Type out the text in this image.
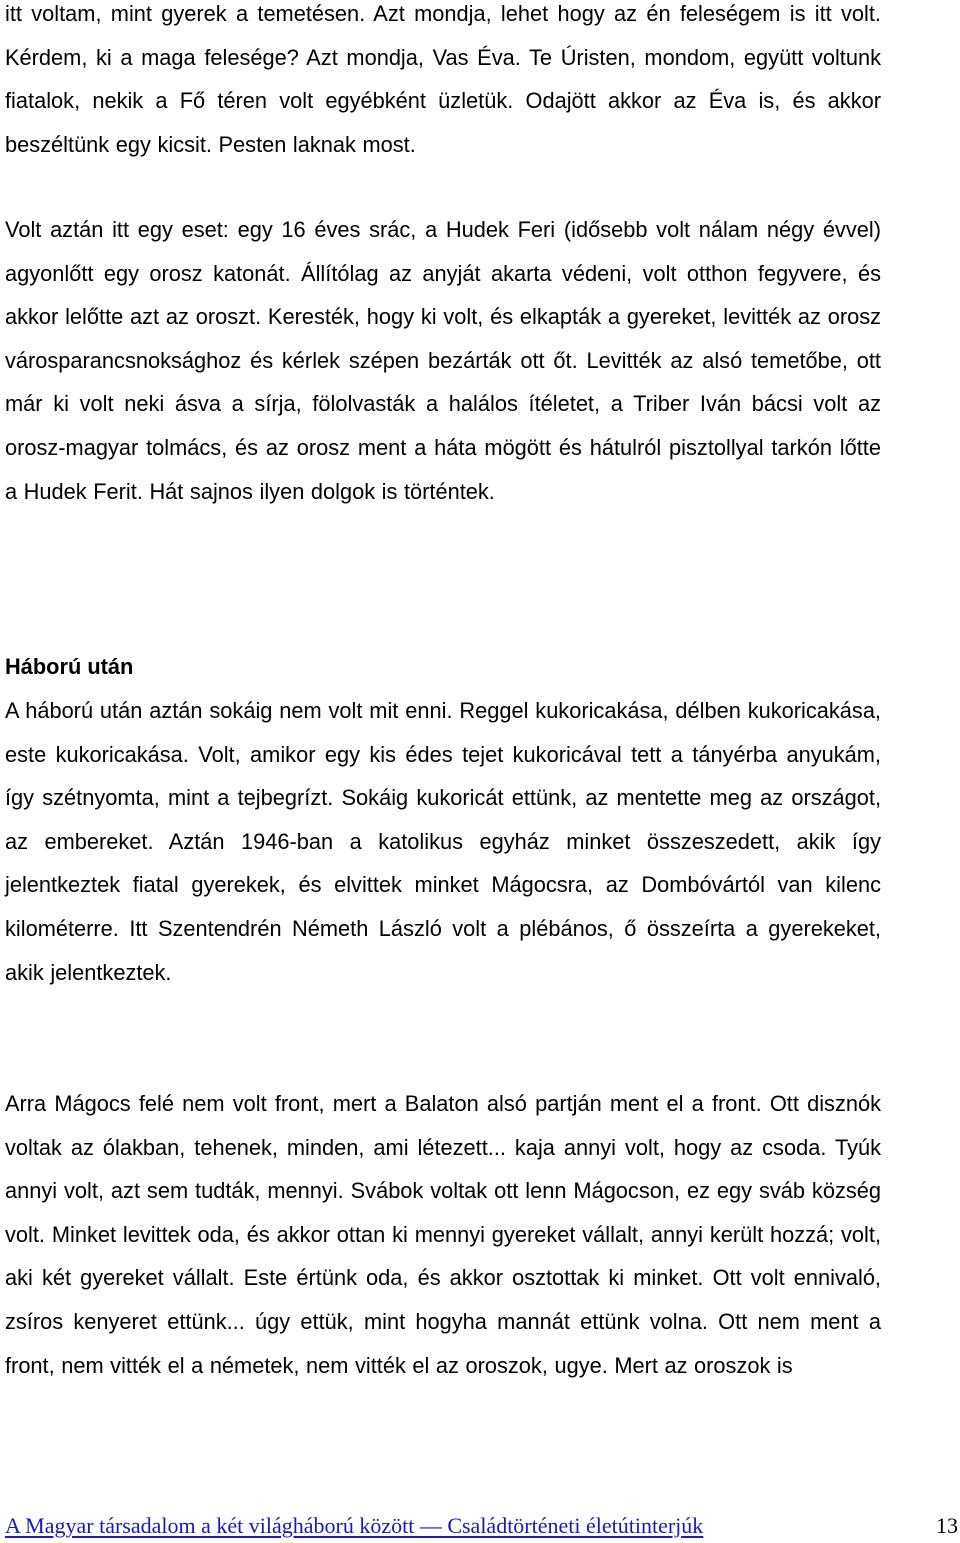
itt voltam, mint gyerek a temetésen. Azt mondja, lehet hogy az én feleségem is itt volt. Kérdem, ki a maga felesége? Azt mondja, Vas Éva. Te Úristen, mondom, együtt voltunk fiatalok, nekik a Fő téren volt egyébként üzletük. Odajött akkor az Éva is, és akkor beszéltünk egy kicsit. Pesten laknak most.

Volt aztán itt egy eset: egy 16 éves srác, a Hudek Feri (idősebb volt nálam négy évvel) agyonlőtt egy orosz katonát. Állítólag az anyját akarta védeni, volt otthon fegyvere, és akkor lelőtte azt az oroszt. Keresték, hogy ki volt, és elkapták a gyereket, levitték az orosz városparancsnoksághoz és kérlek szépen bezárták ott őt. Levitték az alsó temetőbe, ott már ki volt neki ásva a sírja, fölolvasták a halálos ítéletet, a Triber Iván bácsi volt az orosz-magyar tolmács, és az orosz ment a háta mögött és hátulról pisztollyal tarkón lőtte a Hudek Ferit. Hát sajnos ilyen dolgok is történtek.

Háború után

A háború után aztán sokáig nem volt mit enni. Reggel kukoricakása, délben kukoricakása, este kukoricakása. Volt, amikor egy kis édes tejet kukoricával tett a tányérba anyukám, így szétnyomta, mint a tejbegrízt. Sokáig kukoricát ettünk, az mentette meg az országot, az embereket. Aztán 1946-ban a katolikus egyház minket összeszedett, akik így jelentkeztek fiatal gyerekek, és elvittek minket Mágocsra, az Dombóvártól van kilenc kilométerre. Itt Szentendrén Németh László volt a plébános, ő összeírta a gyerekeket, akik jelentkeztek.

Arra Mágocs felé nem volt front, mert a Balaton alsó partján ment el a front. Ott disznók voltak az ólakban, tehenek, minden, ami létezett... kaja annyi volt, hogy az csoda. Tyúk annyi volt, azt sem tudták, mennyi. Svábok voltak ott lenn Mágocson, ez egy sváb község volt. Minket levittek oda, és akkor ottan ki mennyi gyereket vállalt, annyi került hozzá; volt, aki két gyereket vállalt. Este értünk oda, és akkor osztottak ki minket. Ott volt ennivaló, zsíros kenyeret ettünk... úgy ettük, mint hogyha mannát ettünk volna. Ott nem ment a front, nem vitték el a németek, nem vitték el az oroszok, ugye. Mert az oroszok is

A Magyar társadalom a két világháború között — Családtörténeti életútinterjúk	13
